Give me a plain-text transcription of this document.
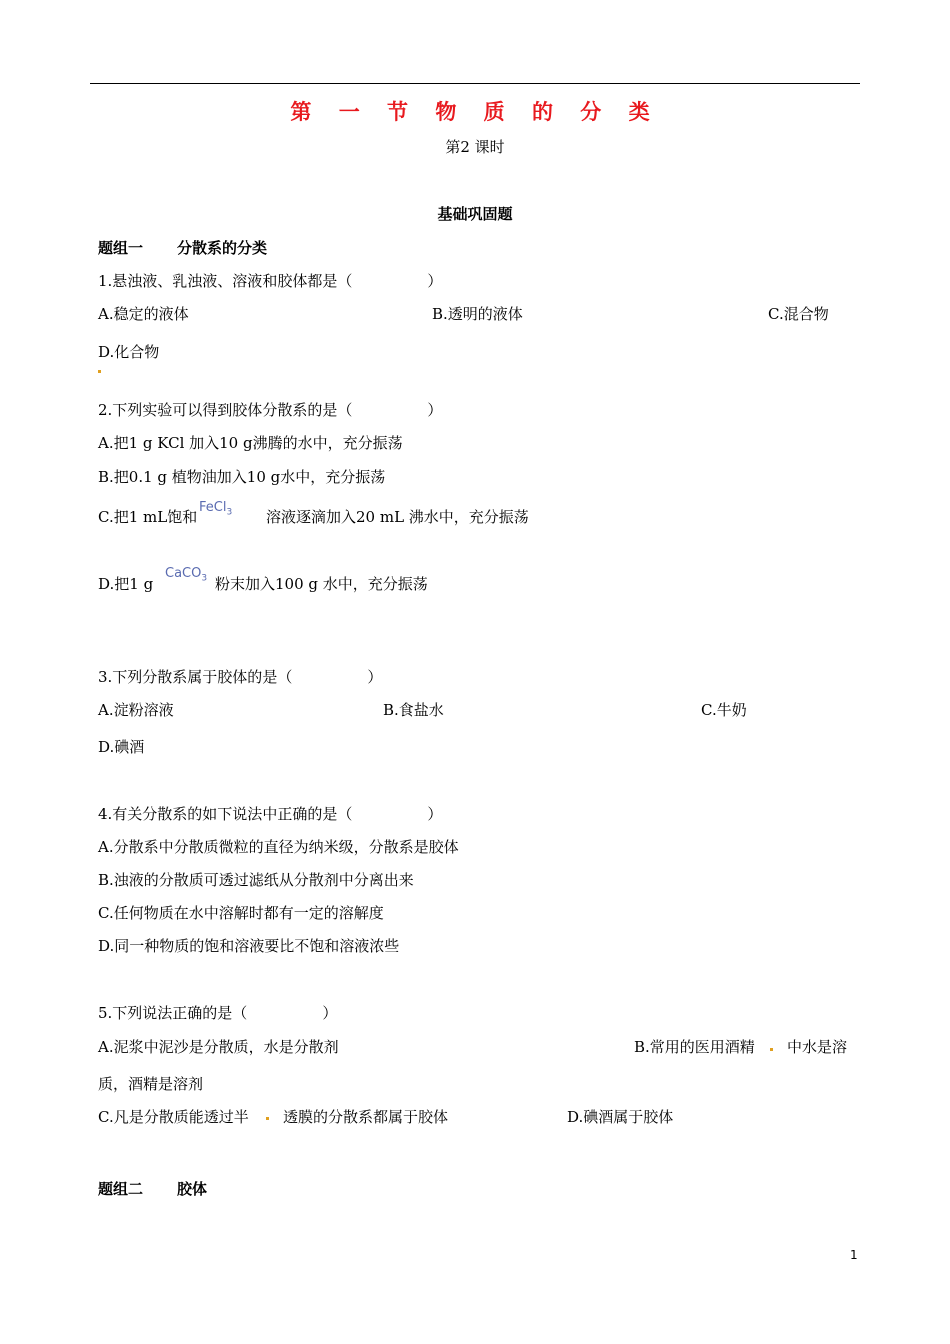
第 一 节 物 质 的 分 类
第2 课时
基础巩固题
题组一 分散系的分类
1.悬浊液、乳浊液、溶液和胶体都是（　　　　　）
A.稳定的液体	B.透明的液体	C.混合物
D.化合物
2.下列实验可以得到胶体分散系的是（　　　　　）
A.把1 g KCl 加入10 g沸腾的水中，充分振荡
B.把0.1 g 植物油加入10 g水中，充分振荡
C.把1 mL饱和
FeCl$_3$ 溶液逐滴加入20 mL 沸水中，充分振荡
D.把1 g
CaCO$_3$ 粉末加入100 g 水中，充分振荡
3.下列分散系属于胶体的是（　　　　　）
A.淀粉溶液	B.食盐水	C.牛奶
D.碘酒
4.有关分散系的如下说法中正确的是（　　　　　）
A.分散系中分散质微粒的直径为纳米级，分散系是胶体
B.浊液的分散质可透过滤纸从分散剂中分离出来
C.任何物质在水中溶解时都有一定的溶解度
D.同一种物质的饱和溶液要比不饱和溶液浓些
5.下列说法正确的是（　　　　　）
A.泥浆中泥沙是分散质，水是分散剂	B.常用的医用酒精 中水是溶
质，酒精是溶剂
C.凡是分散质能透过半 透膜的分散系都属于胶体	D.碘酒属于胶体
题组二 胶体
1
